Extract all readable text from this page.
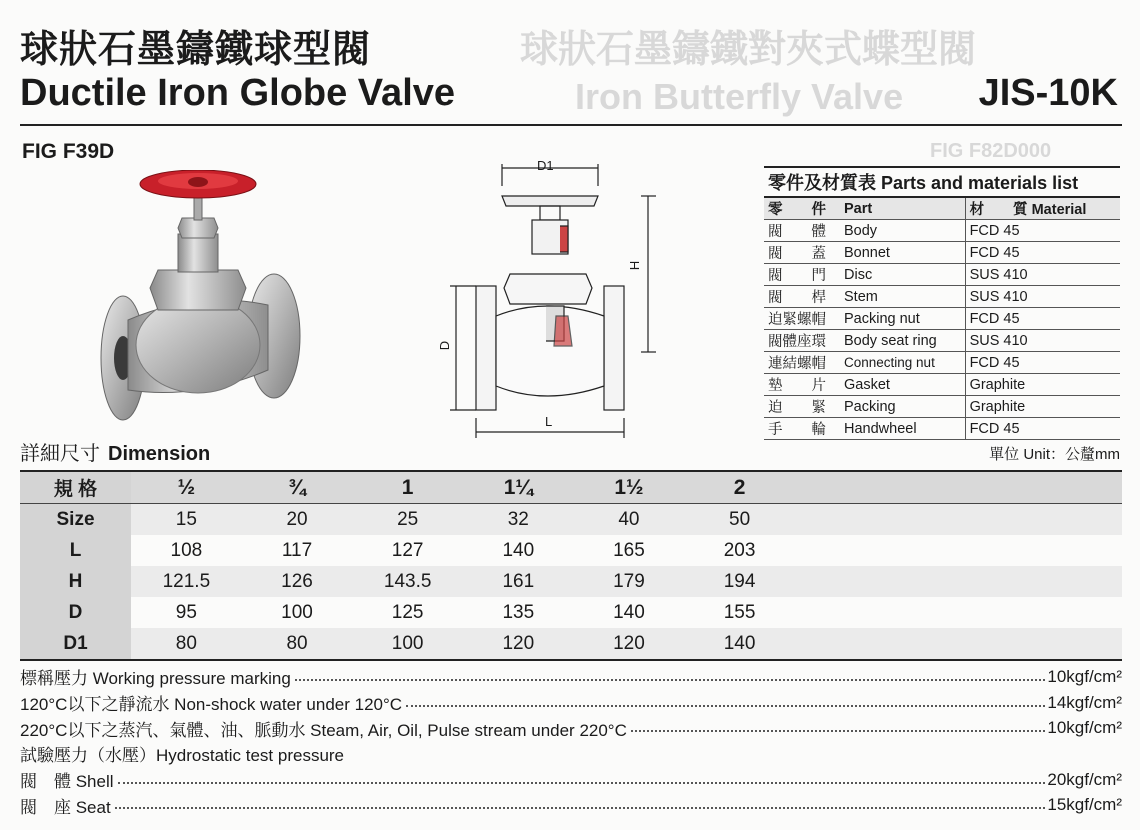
球狀石墨鑄鐵對夾式蝶型閥
Iron Butterfly Valve
FIG F82D000
球狀石墨鑄鐵球型閥
Ductile Iron Globe Valve	JIS-10K
FIG F39D
D1
H
D
L
零件及材質表 Parts and materials list		
零　　件	Part	材　　質 Material
閥　　體	Body	FCD 45
閥　　蓋	Bonnet	FCD 45
閥　　門	Disc	SUS 410
閥　　桿	Stem	SUS 410
迫緊螺帽	Packing nut	FCD 45
閥體座環	Body seat ring	SUS 410
連結螺帽	Connecting nut	FCD 45
墊　　片	Gasket	Graphite
迫　　緊	Packing	Graphite
手　　輪	Handwheel	FCD 45
詳細尺寸 Dimension	單位 Unit：公釐mm
規 格	½	¾	1	1¼	1½	2	
Size	15	20	25	32	40	50	
L	108	117	127	140	165	203	
H	121.5	126	143.5	161	179	194	
D	95	100	125	135	140	155	
D1	80	80	100	120	120	140	
標稱壓力 Working pressure marking	10kgf/cm²
120°C以下之靜流水 Non-shock water under 120°C	14kgf/cm²
220°C以下之蒸汽、氣體、油、脈動水 Steam, Air, Oil, Pulse stream under 220°C	10kgf/cm²
試驗壓力（水壓）Hydrostatic test pressure
閥　體 Shell	20kgf/cm²
閥　座 Seat	15kgf/cm²
